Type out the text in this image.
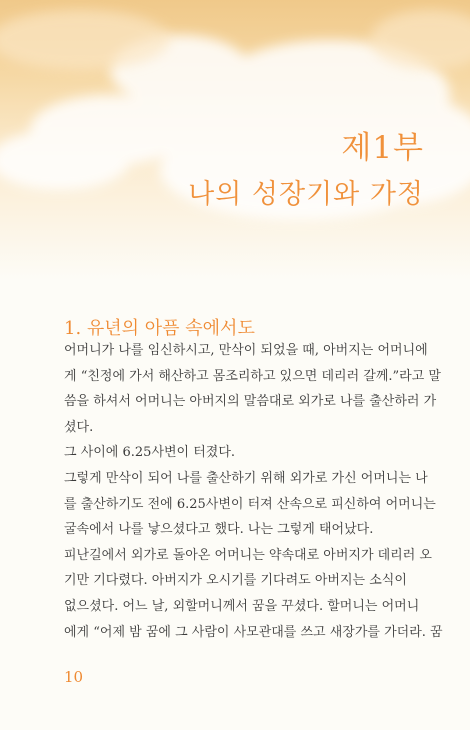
제1부
나의 성장기와 가정
1. 유년의 아픔 속에서도
어머니가 나를 임신하시고, 만삭이 되었을 때, 아버지는 어머니에
게 “친정에 가서 해산하고 몸조리하고 있으면 데리러 갈께.”라고 말
씀을 하셔서 어머니는 아버지의 말씀대로 외가로 나를 출산하러 가
셨다.
그 사이에 6.25사변이 터졌다.
그렇게 만삭이 되어 나를 출산하기 위해 외가로 가신 어머니는 나
를 출산하기도 전에 6.25사변이 터져 산속으로 피신하여 어머니는
굴속에서 나를 낳으셨다고 했다. 나는 그렇게 태어났다.
피난길에서 외가로 돌아온 어머니는 약속대로 아버지가 데리러 오
기만 기다렸다. 아버지가 오시기를 기다려도 아버지는 소식이
없으셨다. 어느 날, 외할머니께서 꿈을 꾸셨다. 할머니는 어머니
에게 “어제 밤 꿈에 그 사람이 사모관대를 쓰고 새장가를 가더라. 꿈
10
